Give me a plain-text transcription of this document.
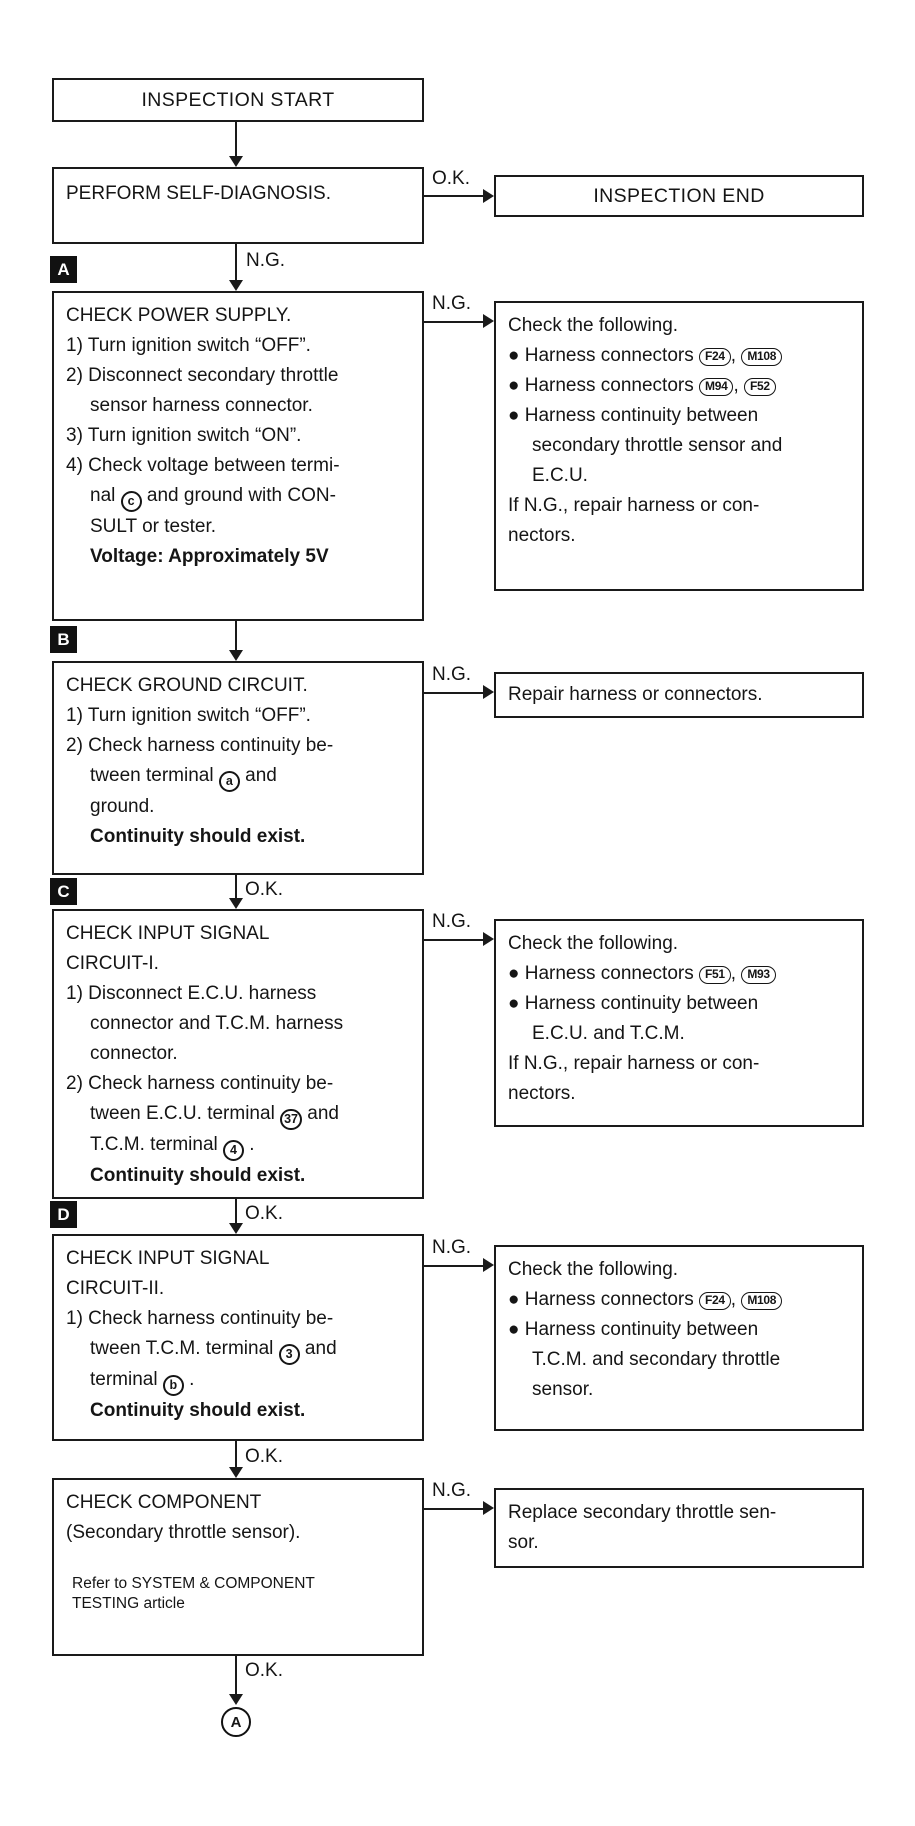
INSPECTION START
PERFORM SELF-DIAGNOSIS.
O.K.
INSPECTION END
N.G.
A
CHECK POWER SUPPLY.
1) Turn ignition switch “OFF”.
2) Disconnect secondary throttle
sensor harness connector.
3) Turn ignition switch “ON”.
4) Check voltage between termi-
nal c and ground with CON-
SULT or tester.
Voltage: Approximately 5V
N.G.
Check the following.
● Harness connectors F24 , M108
● Harness connectors M94 , F52
● Harness continuity between
secondary throttle sensor and
E.C.U.
If N.G., repair harness or con-
nectors.
B
CHECK GROUND CIRCUIT.
1) Turn ignition switch “OFF”.
2) Check harness continuity be-
tween terminal a and
ground.
Continuity should exist.
N.G.
Repair harness or connectors.
O.K.
C
CHECK INPUT SIGNAL
CIRCUIT-I.
1) Disconnect E.C.U. harness
connector and T.C.M. harness
connector.
2) Check harness continuity be-
tween E.C.U. terminal 37 and
T.C.M. terminal 4 .
Continuity should exist.
N.G.
Check the following.
● Harness connectors F51 , M93
● Harness continuity between
E.C.U. and T.C.M.
If N.G., repair harness or con-
nectors.
O.K.
D
CHECK INPUT SIGNAL
CIRCUIT-II.
1) Check harness continuity be-
tween T.C.M. terminal 3 and
terminal b .
Continuity should exist.
N.G.
Check the following.
● Harness connectors F24 , M108
● Harness continuity between
T.C.M. and secondary throttle
sensor.
O.K.
CHECK COMPONENT
(Secondary throttle sensor).
Refer to SYSTEM & COMPONENT
TESTING article
N.G.
Replace secondary throttle sen-
sor.
O.K.
A
